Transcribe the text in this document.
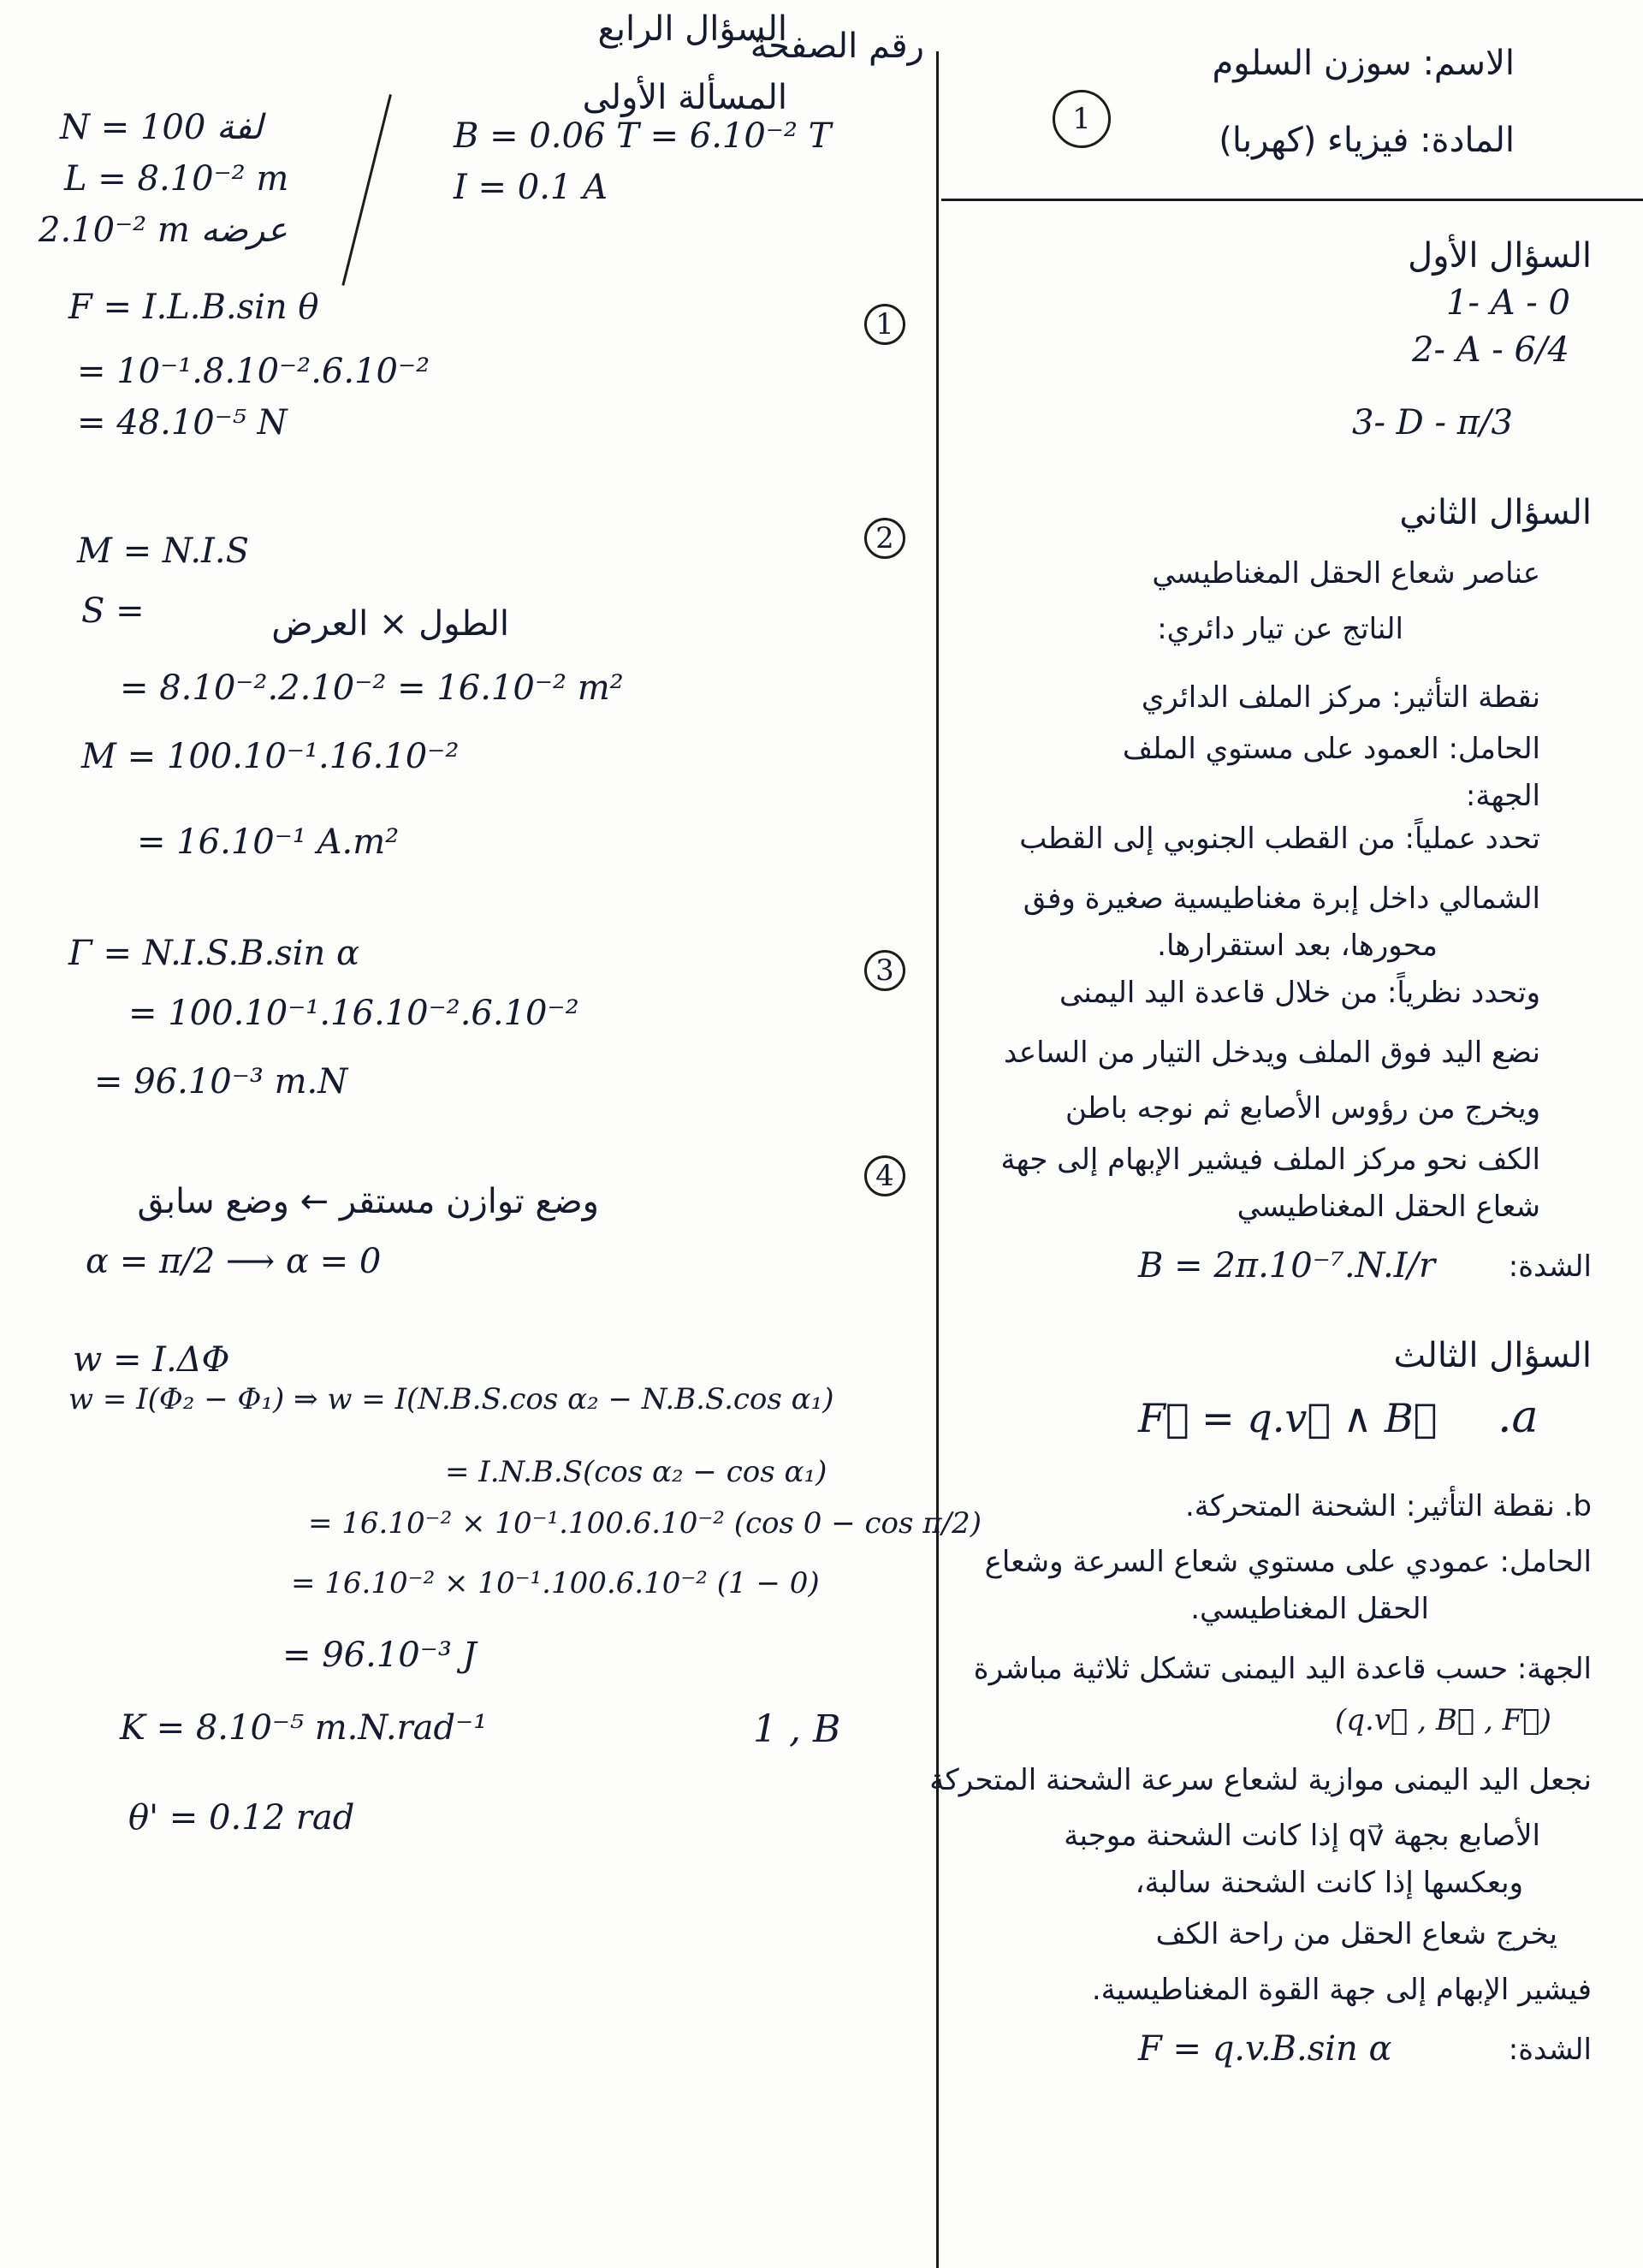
السؤال الرابع
رقم الصفحة
1
المسألة الأولى
الاسم: سوزن السلوم
المادة: فيزياء (كهربا)
N = 100 لفة
L = 8.10⁻² m
2.10⁻² m عرضه
B = 0.06 T = 6.10⁻² T
I = 0.1 A
1
F = I.L.B.sin θ
= 10⁻¹.8.10⁻².6.10⁻²
= 48.10⁻⁵ N
2
M = N.I.S
S =	الطول × العرض
= 8.10⁻².2.10⁻² = 16.10⁻² m²
M = 100.10⁻¹.16.10⁻²
= 16.10⁻¹ A.m²
3
Γ = N.I.S.B.sin α
= 100.10⁻¹.16.10⁻².6.10⁻²
= 96.10⁻³ m.N
4
وضع توازن مستقر ← وضع سابق
α = π/2 ⟶ α = 0
w = I.ΔΦ
w = I(Φ₂ − Φ₁) ⇒ w = I(N.B.S.cos α₂ − N.B.S.cos α₁)
= I.N.B.S(cos α₂ − cos α₁)
= 16.10⁻² × 10⁻¹.100.6.10⁻² (cos 0 − cos π/2)
= 16.10⁻² × 10⁻¹.100.6.10⁻² (1 − 0)
= 96.10⁻³ J
1 , B
K = 8.10⁻⁵ m.N.rad⁻¹
θ' = 0.12 rad
السؤال الأول
1- A - 0
2- A - 6/4
3- D - π/3
السؤال الثاني
عناصر شعاع الحقل المغناطيسي
الناتج عن تيار دائري:
نقطة التأثير: مركز الملف الدائري
الحامل: العمود على مستوي الملف
الجهة:
تحدد عملياً: من القطب الجنوبي إلى القطب
الشمالي داخل إبرة مغناطيسية صغيرة وفق
محورها، بعد استقرارها.
وتحدد نظرياً: من خلال قاعدة اليد اليمنى
نضع اليد فوق الملف ويدخل التيار من الساعد
ويخرج من رؤوس الأصابع ثم نوجه باطن
الكف نحو مركز الملف فيشير الإبهام إلى جهة
شعاع الحقل المغناطيسي
الشدة:
B = 2π.10⁻⁷.N.I/r
السؤال الثالث
.a
F⃗ = q.v⃗ ∧ B⃗
b. نقطة التأثير: الشحنة المتحركة.
الحامل: عمودي على مستوي شعاع السرعة وشعاع
الحقل المغناطيسي.
الجهة: حسب قاعدة اليد اليمنى تشكل ثلاثية مباشرة
(q.v⃗ , B⃗ , F⃗)
نجعل اليد اليمنى موازية لشعاع سرعة الشحنة المتحركة
الأصابع بجهة qv⃗ إذا كانت الشحنة موجبة
وبعكسها إذا كانت الشحنة سالبة،
يخرج شعاع الحقل من راحة الكف
فيشير الإبهام إلى جهة القوة المغناطيسية.
الشدة:
F = q.v.B.sin α
